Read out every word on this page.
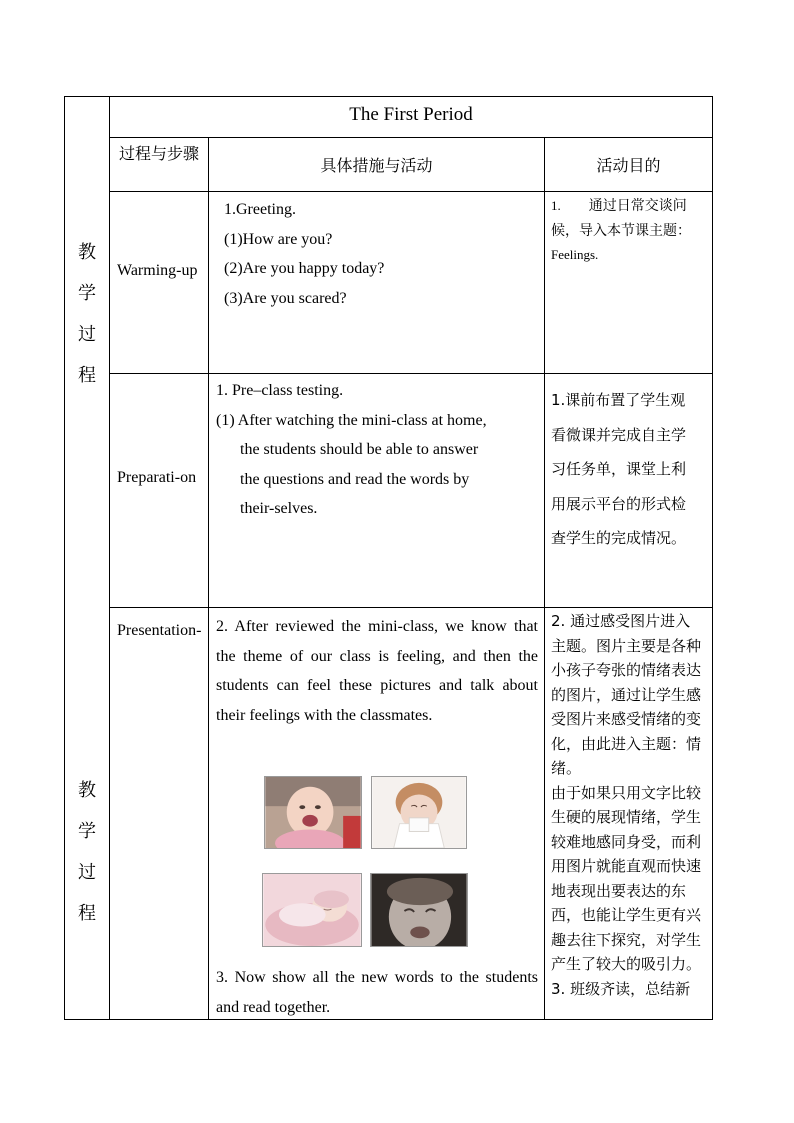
教
学
过
程
教
学
过
程
The First Period
过程与步骤
具体措施与活动	活动目的
Warming-up
1.Greeting.
(1)How are you?
(2)Are you happy today?
(3)Are you scared?
1. 通过日常交谈问候，导入本节课主题：Feelings.
Preparati-on
1. Pre–class testing.
(1) After watching the mini-class at home,
the students should be able to answer
the questions and read the words by
their-selves.
1.课前布置了学生观看微课并完成自主学习任务单，课堂上利用展示平台的形式检查学生的完成情况。
Presentation- 2. After reviewed the mini-class, we know that the theme of our class is feeling, and then the students can feel these pictures and talk about their feelings with the classmates.
3. Now show all the new words to the students and read together.
2. 通过感受图片进入主题。图片主要是各种小孩子夸张的情绪表达的图片，通过让学生感受图片来感受情绪的变化，由此进入主题：情绪。
由于如果只用文字比较生硬的展现情绪，学生较难地感同身受，而利用图片就能直观而快速地表现出要表达的东西，也能让学生更有兴趣去往下探究，对学生产生了较大的吸引力。
3. 班级齐读，总结新
